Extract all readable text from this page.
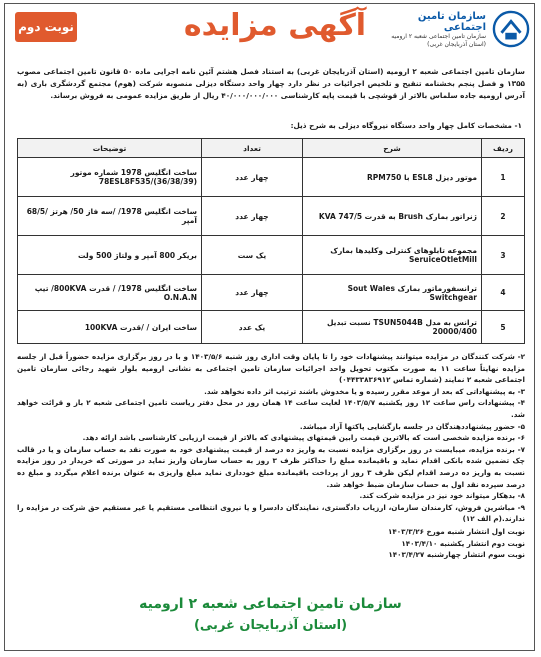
نوبت دوم	آگهی مزایده	سازمان تامین اجتماعی
سازمان تامین اجتماعی شعبه ۲ ارومیه
(استان آذربایجان غربی)
سازمان تامین اجتماعی شعبه ۲ ارومیه (استان آذربایجان غربی) به استناد فصل هشتم آئین نامه اجرایی ماده ۵۰ قانون تامین اجتماعی مصوب ۱۳۵۵ و فصل پنجم بخشنامه تنقیح و تلخیص اجرائیات در نظر دارد چهار واحد دستگاه دیزلی منصوبه شرکت (هوم) مجتمع گردشگری باری (به آدرس ارومیه جاده سلماس بالاتر از قوشچی با قیمت پایه کارشناسی ۴۰/۰۰۰/۰۰۰/۰۰۰ ریال از طریق مزایده عمومی به فروش برساند.
۱- مشخصات کامل چهار واحد دستگاه نیروگاه دیزلی به شرح ذیل:
ردیف	شرح	تعداد	توضیحات
1	موتور دیزل ESL8 با RPM750	چهار عدد	ساخت انگلیس 1978 شماره موتور 78ESL8F535/(36/38/39)
2	ژنراتور بمارک Brush به قدرت KVA 747/5	چهار عدد	ساخت انگلیس 1978/ /سه فاز 50/ هرتز /68/5 آمپر
3	مجموعه تابلوهای کنترلی وکلیدها بمارک SeruiceOtletMill	یک ست	بریکر 800 آمپر و ولتاژ 500 ولت
4	ترانسفورماتور بمارک Sout Wales Switchgear	چهار عدد	ساخت انگلیس 1978/ / قدرت 800KVA/ تیپ O.N.A.N
5	ترانس به مدل TSUN5044B نسبت تبدیل 20000/400	یک عدد	ساخت ایران / /قدرت 100KVA

۲- شرکت کنندگان در مزایده میتوانند پیشنهادات خود را تا پایان وقت اداری روز شنبه ۱۴۰۳/۵/۶ و با در روز برگزاری مزایده حضوراً قبل از جلسه مزایده نهایتاً ساعت ۱۱ به صورت مکتوب تحویل واحد اجرائیات سازمان تامین اجتماعی به نشانی ارومیه بلوار شهید رجائی سازمان تامین اجتماعی شعبه ۲ نمایند (شماره تماس ۰۴۴۳۳۸۳۶۹۱۲)

۳- به پیشنهاداتی که بعد از موعد مقرر رسیده و یا مخدوش باشند ترتیب اثر داده نخواهد شد.

۴- پیشنهادات راس ساعت ۱۲ روز یکشنبه ۱۴۰۳/۵/۷ لغایت ساعت ۱۴ همان روز در محل دفتر ریاست تامین اجتماعی شعبه ۲ باز و قرائت خواهد شد.

۵- حضور پیشنهاددهندگان در جلسه بازگشایی پاکتها آزاد میباشد.

۶- برنده مزایده شخصی است که بالاترین قیمت رابین قیمتهای پیشنهادی که بالاتر از قیمت ارزیابی کارشناسی باشد ارائه دهد.

۷- برنده مزایده، میبایست در روز برگزاری مزایده نسبت به واریز ده درصد از قیمت پیشنهادی خود به صورت نقد به حساب سازمان و یا در قالب چک تضمین شده بانکی اقدام نماید و باقیمانده مبلغ را حداکثر ظرف ۳ روز به حساب سازمان واریز نماید در صورتی که خریدار در روز مزایده نسبت به واریز ده درصد اقدام لیکن ظرف ۳ روز از پرداخت باقیمانده مبلغ خودداری نماید مبلغ واریزی به عنوان برنده اعلام میگردد و مبلغ ده درصد سپرده نقد اول به حساب سازمان ضبط خواهد شد.

۸- بدهکار میتواند خود نیز در مزایده شرکت کند.

۹- مباشرین فروش، کارمندان سازمان، ارزیاب دادگستری، نمایندگان دادسرا و یا نیروی انتظامی مستقیم یا غیر مستقیم حق شرکت در مزایده را ندارند.(م الف ۱۲)

نوبت اول انتشار شنبه مورخ ۱۴۰۳/۳/۲۶

نوبت دوم انتشار یکشنبه ۱۴۰۳/۴/۱۰

نوبت سوم انتشار چهارشنبه ۱۴۰۳/۴/۲۷

سازمان تامین اجتماعی شعبه ۲ ارومیه
(استان آذربایجان غربی)
